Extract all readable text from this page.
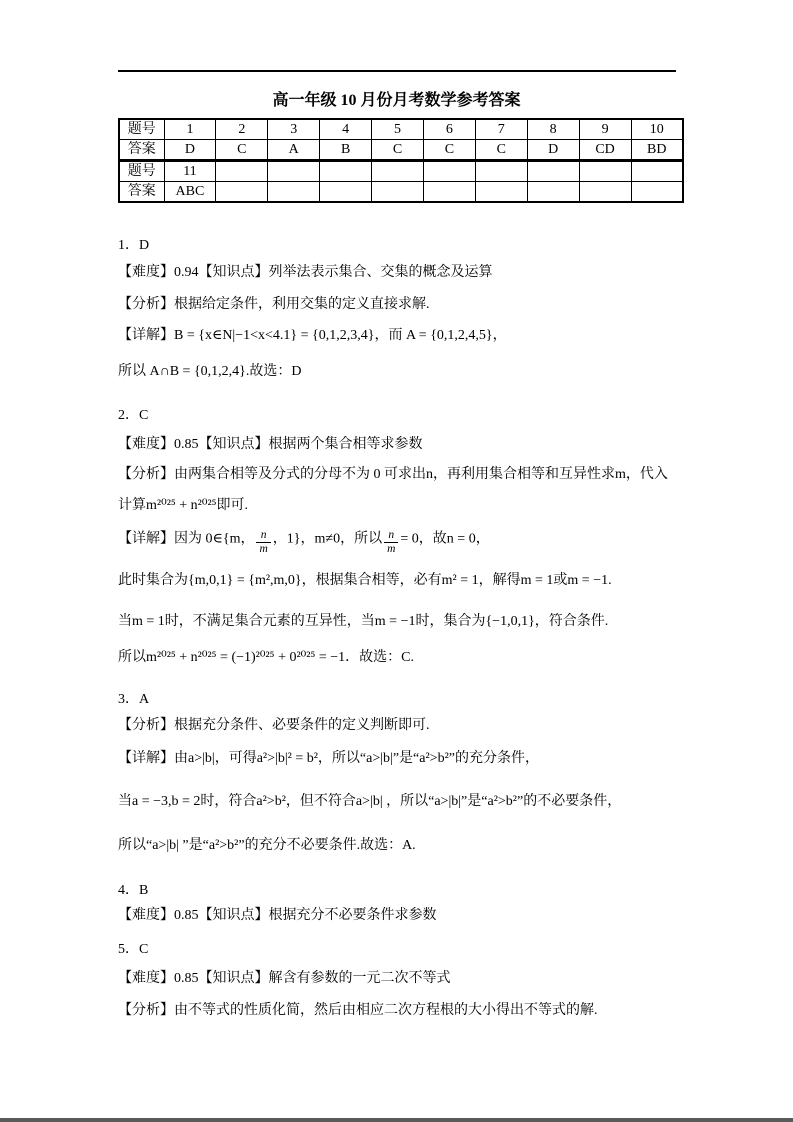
高一年级 10 月份月考数学参考答案
题号	1	2	3	4	5	6	7	8	9	10
答案	D	C	A	B	C	C	C	D	CD	BD
题号	11									
答案	ABC									

1．D

【难度】0.94【知识点】列举法表示集合、交集的概念及运算

【分析】根据给定条件，利用交集的定义直接求解.

【详解】B = {x∈N|−1<x<4.1} = {0,1,2,3,4}，而 A = {0,1,2,4,5}，

所以 A∩B = {0,1,2,4}.故选：D

2．C

【难度】0.85【知识点】根据两个集合相等求参数

【分析】由两集合相等及分式的分母不为 0 可求出n，再利用集合相等和互异性求m，代入

计算m²⁰²⁵ + n²⁰²⁵即可.

【详解】因为 0∈{m， $\frac{n}{m}$ ，1}，m≠0，所以 $\frac{n}{m} = 0$，故n = 0，

此时集合为{m,0,1} = {m²,m,0}，根据集合相等，必有m² = 1，解得m = 1或m = −1.

当m = 1时，不满足集合元素的互异性，当m = −1时，集合为{−1,0,1}，符合条件.

所以m²⁰²⁵ + n²⁰²⁵ = (−1)²⁰²⁵ + 0²⁰²⁵ = −1．故选：C.

3．A

【分析】根据充分条件、必要条件的定义判断即可.

【详解】由a>|b|，可得a²>|b|² = b²，所以“a>|b|”是“a²>b²”的充分条件，

当a = −3,b = 2时，符合a²>b²，但不符合a>|b| ，所以“a>|b|”是“a²>b²”的不必要条件，

所以“a>|b| ”是“a²>b²”的充分不必要条件.故选：A.

4．B

【难度】0.85【知识点】根据充分不必要条件求参数

5．C

【难度】0.85【知识点】解含有参数的一元二次不等式

【分析】由不等式的性质化简，然后由相应二次方程根的大小得出不等式的解.
